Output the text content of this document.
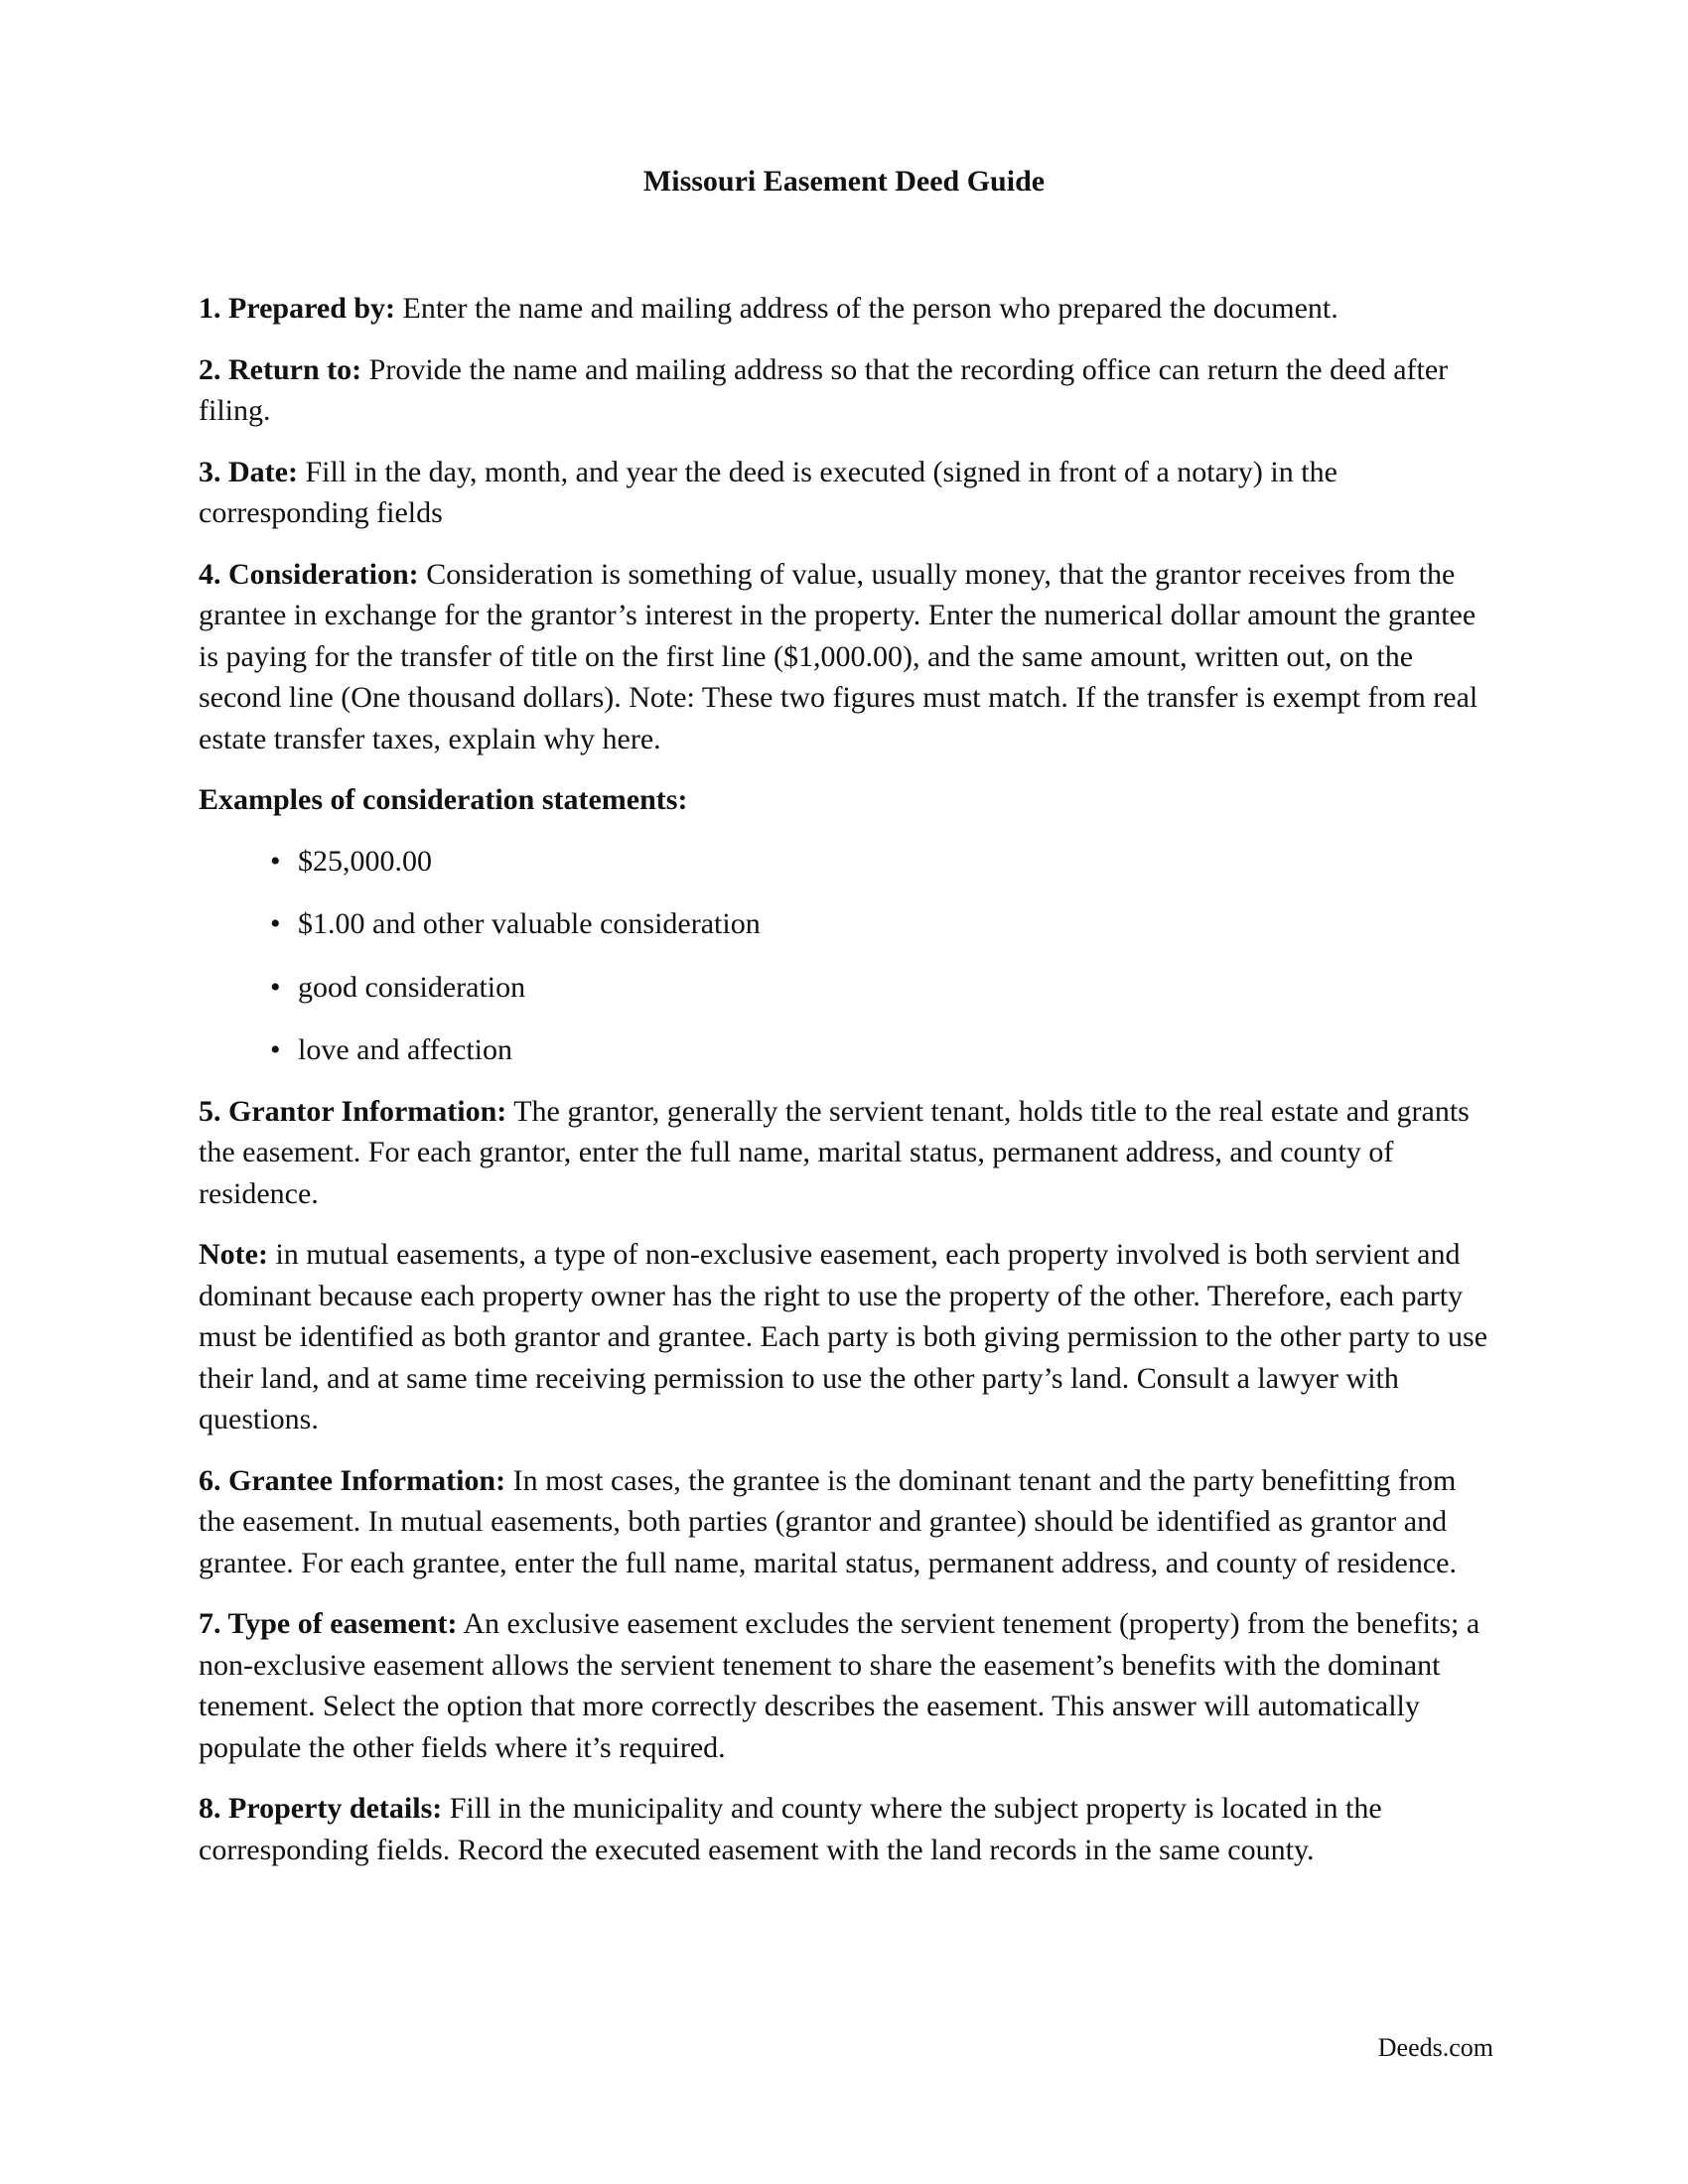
Missouri Easement Deed Guide

1. Prepared by: Enter the name and mailing address of the person who prepared the document.

2. Return to: Provide the name and mailing address so that the recording office can return the deed after filing.

3. Date: Fill in the day, month, and year the deed is executed (signed in front of a notary) in the corresponding fields

4. Consideration: Consideration is something of value, usually money, that the grantor receives from the grantee in exchange for the grantor’s interest in the property. Enter the numerical dollar amount the grantee is paying for the transfer of title on the first line ($1,000.00), and the same amount, written out, on the second line (One thousand dollars). Note: These two figures must match. If the transfer is exempt from real estate transfer taxes, explain why here.

Examples of consideration statements:

• $25,000.00
• $1.00 and other valuable consideration
• good consideration
• love and affection

5. Grantor Information: The grantor, generally the servient tenant, holds title to the real estate and grants the easement. For each grantor, enter the full name, marital status, permanent address, and county of residence.

Note: in mutual easements, a type of non-exclusive easement, each property involved is both servient and dominant because each property owner has the right to use the property of the other. Therefore, each party must be identified as both grantor and grantee. Each party is both giving permission to the other party to use their land, and at same time receiving permission to use the other party’s land. Consult a lawyer with questions.

6. Grantee Information: In most cases, the grantee is the dominant tenant and the party benefitting from the easement. In mutual easements, both parties (grantor and grantee) should be identified as grantor and grantee. For each grantee, enter the full name, marital status, permanent address, and county of residence.

7. Type of easement: An exclusive easement excludes the servient tenement (property) from the benefits; a non-exclusive easement allows the servient tenement to share the easement’s benefits with the dominant tenement. Select the option that more correctly describes the easement. This answer will automatically populate the other fields where it’s required.

8. Property details: Fill in the municipality and county where the subject property is located in the corresponding fields. Record the executed easement with the land records in the same county.

Deeds.com
